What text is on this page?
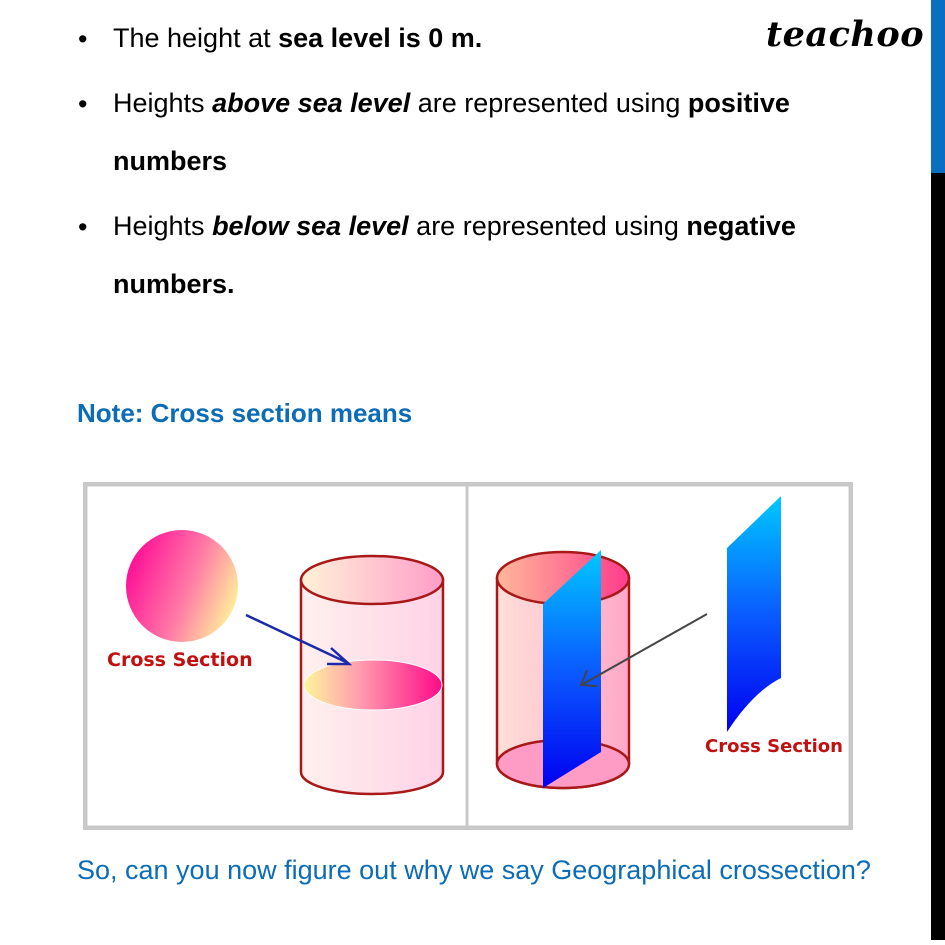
teachoo
• The height at sea level is 0 m.
• Heights above sea level are represented using positive
numbers
• Heights below sea level are represented using negative
numbers.
Note: Cross section means
Cross Section
Cross Section
So, can you now figure out why we say Geographical crossection?
